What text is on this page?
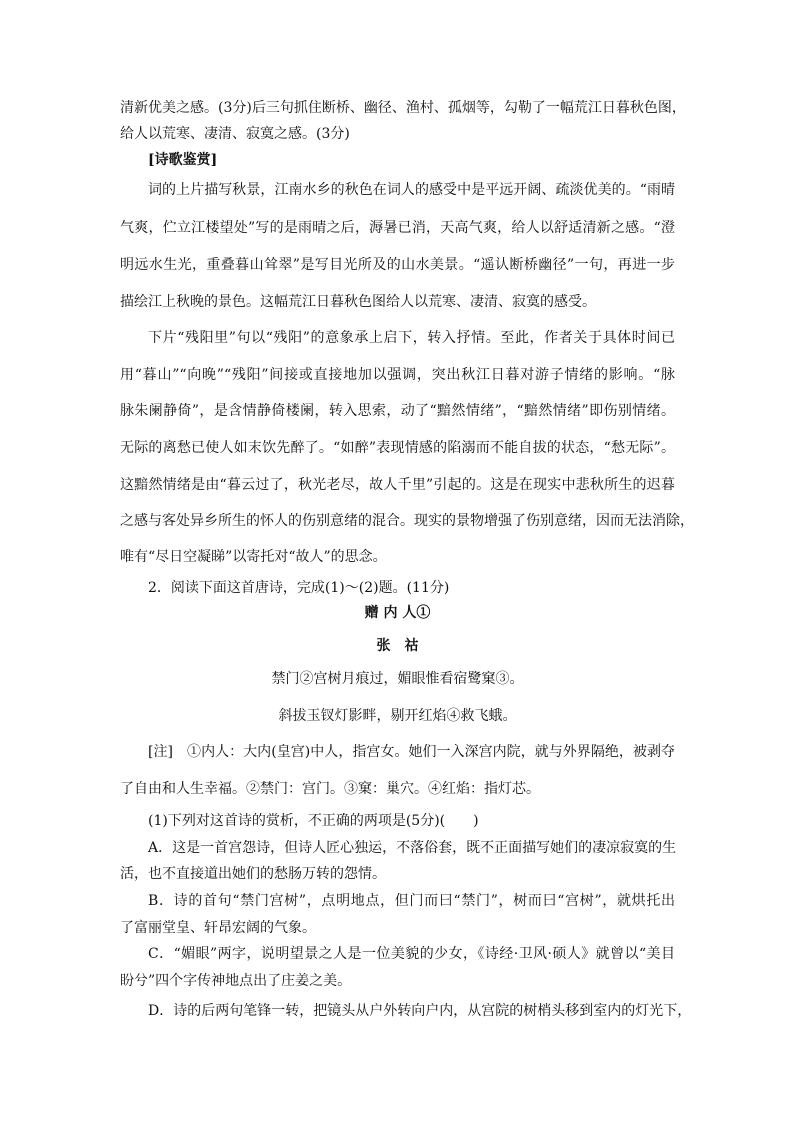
清新优美之感。(3分)后三句抓住断桥、幽径、渔村、孤烟等，勾勒了一幅荒江日暮秋色图，
给人以荒寒、凄清、寂寞之感。(3分)
[诗歌鉴赏]
词的上片描写秋景，江南水乡的秋色在词人的感受中是平远开阔、疏淡优美的。“雨晴
气爽，伫立江楼望处”写的是雨晴之后，溽暑已消，天高气爽，给人以舒适清新之感。“澄
明远水生光，重叠暮山耸翠”是写目光所及的山水美景。“遥认断桥幽径”一句，再进一步
描绘江上秋晚的景色。这幅荒江日暮秋色图给人以荒寒、凄清、寂寞的感受。
下片“残阳里”句以“残阳”的意象承上启下，转入抒情。至此，作者关于具体时间已
用“暮山”“向晚”“残阳”间接或直接地加以强调，突出秋江日暮对游子情绪的影响。“脉
脉朱阑静倚”，是含情静倚楼阑，转入思索，动了“黯然情绪”，“黯然情绪”即伤别情绪。
无际的离愁已使人如末饮先醉了。“如醉”表现情感的陷溺而不能自拔的状态，“愁无际”。
这黯然情绪是由“暮云过了，秋光老尽，故人千里”引起的。这是在现实中悲秋所生的迟暮
之感与客处异乡所生的怀人的伤别意绪的混合。现实的景物增强了伤别意绪，因而无法消除，
唯有“尽日空凝睇”以寄托对“故人”的思念。
2．阅读下面这首唐诗，完成(1)～(2)题。(11分)
赠 内 人①
张　祜
禁门②宫树月痕过，媚眼惟看宿鹭窠③。
斜拔玉钗灯影畔，剔开红焰④救飞蛾。
[注]　①内人：大内(皇宫)中人，指宫女。她们一入深宫内院，就与外界隔绝，被剥夺
了自由和人生幸福。②禁门：宫门。③窠：巢穴。④红焰：指灯芯。
(1)下列对这首诗的赏析，不正确的两项是(5分)(　　)
A．这是一首宫怨诗，但诗人匠心独运，不落俗套，既不正面描写她们的凄凉寂寞的生
活，也不直接道出她们的愁肠万转的怨情。
B．诗的首句“禁门宫树”，点明地点，但门而曰“禁门”，树而曰“宫树”，就烘托出
了富丽堂皇、轩昂宏阔的气象。
C．“媚眼”两字，说明望景之人是一位美貌的少女，《诗经·卫风·硕人》就曾以“美目
盼兮”四个字传神地点出了庄姜之美。
D．诗的后两句笔锋一转，把镜头从户外转向户内，从宫院的树梢头移到室内的灯光下，
